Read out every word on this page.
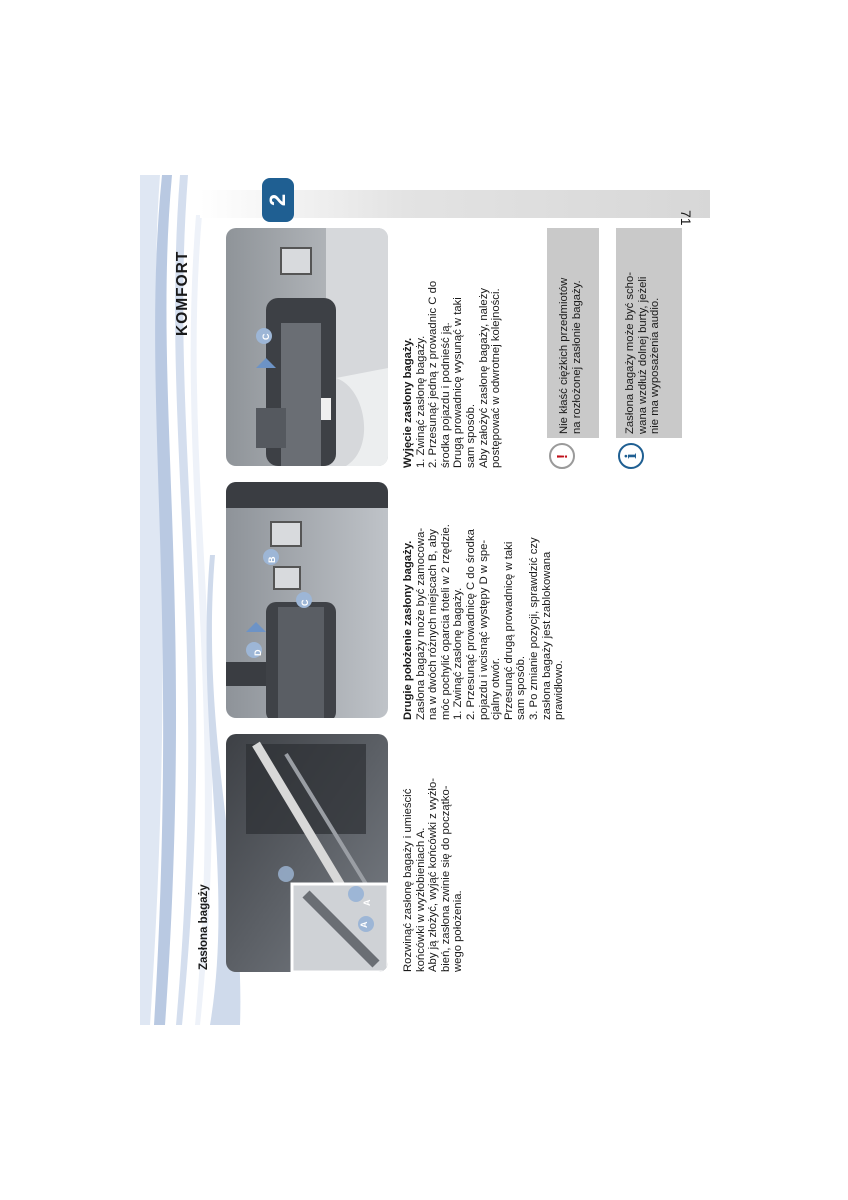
2
KOMFORT
71
Zasłona bagaży	Rozwinąć zasłonę bagaży i umieścić końcówki w wyżłobieniach A. Aby ją złożyć, wyjąć końcówki z wyżło- bień, zasłona zwinie się do początko- wego położenia.
Drugie położenie zasłony bagaży. Zasłona bagaży może być zamocowa- na w dwóch różnych miejscach B, aby móc pochylić oparcia foteli w 2 rzędzie. 1. Zwinąć zasłonę bagaży. 2. Przesunąć prowadnicę C do środka pojazdu i wcisnąć występy D w spe- cjalny otwór. Przesunąć drugą prowadnicę w taki sam sposób. 3. Po zmianie pozycji, sprawdzić czy zasłona bagaży jest zablokowana prawidłowo.
Wyjęcie zasłony bagaży. 1. Zwinąć zasłonę bagaży. 2. Przesunąć jedną z prowadnic C do środka pojazdu i podnieść ją. Drugą prowadnicę wysunąć w taki sam sposób. Aby założyć zasłonę bagaży, należy postępować w odwrotnej kolejności.	!
Nie kłaść ciężkich przedmiotów na rozłożonej zasłonie bagaży.
i
Zasłona bagaży może być scho- wana wzdłuż dolnej burty, jeżeli nie ma wyposażenia audio.
A
A
B
C
D
C
